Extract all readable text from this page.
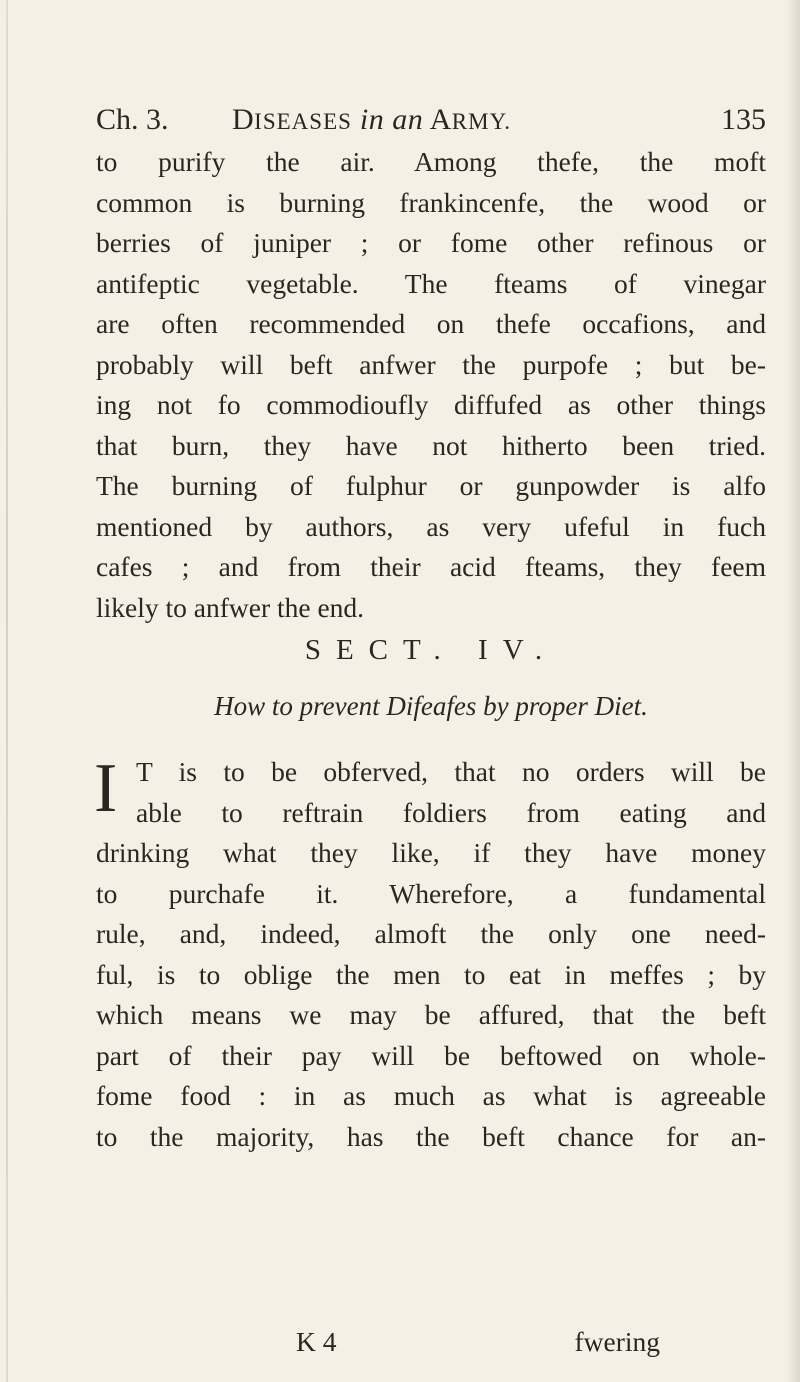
Ch. 3. DISEASES in an ARMY.	135
to purify the air. Among thefe, the moft
common is burning frankincenfe, the wood or
berries of juniper ; or fome other refinous or
antifeptic vegetable. The fteams of vinegar
are often recommended on thefe occafions, and
probably will beft anfwer the purpofe ; but be-
ing not fo commodioufly diffufed as other things
that burn, they have not hitherto been tried.
The burning of fulphur or gunpowder is alfo
mentioned by authors, as very ufeful in fuch
cafes ; and from their acid fteams, they feem
likely to anfwer the end.
SECT. IV.
How to prevent Difeafes by proper Diet.
I T is to be obferved, that no orders will be
able to reftrain foldiers from eating and
drinking what they like, if they have money
to purchafe it. Wherefore, a fundamental
rule, and, indeed, almoft the only one need-
ful, is to oblige the men to eat in meffes ; by
which means we may be affured, that the beft
part of their pay will be beftowed on whole-
fome food : in as much as what is agreeable
to the majority, has the beft chance for an-
K 4	fwering
